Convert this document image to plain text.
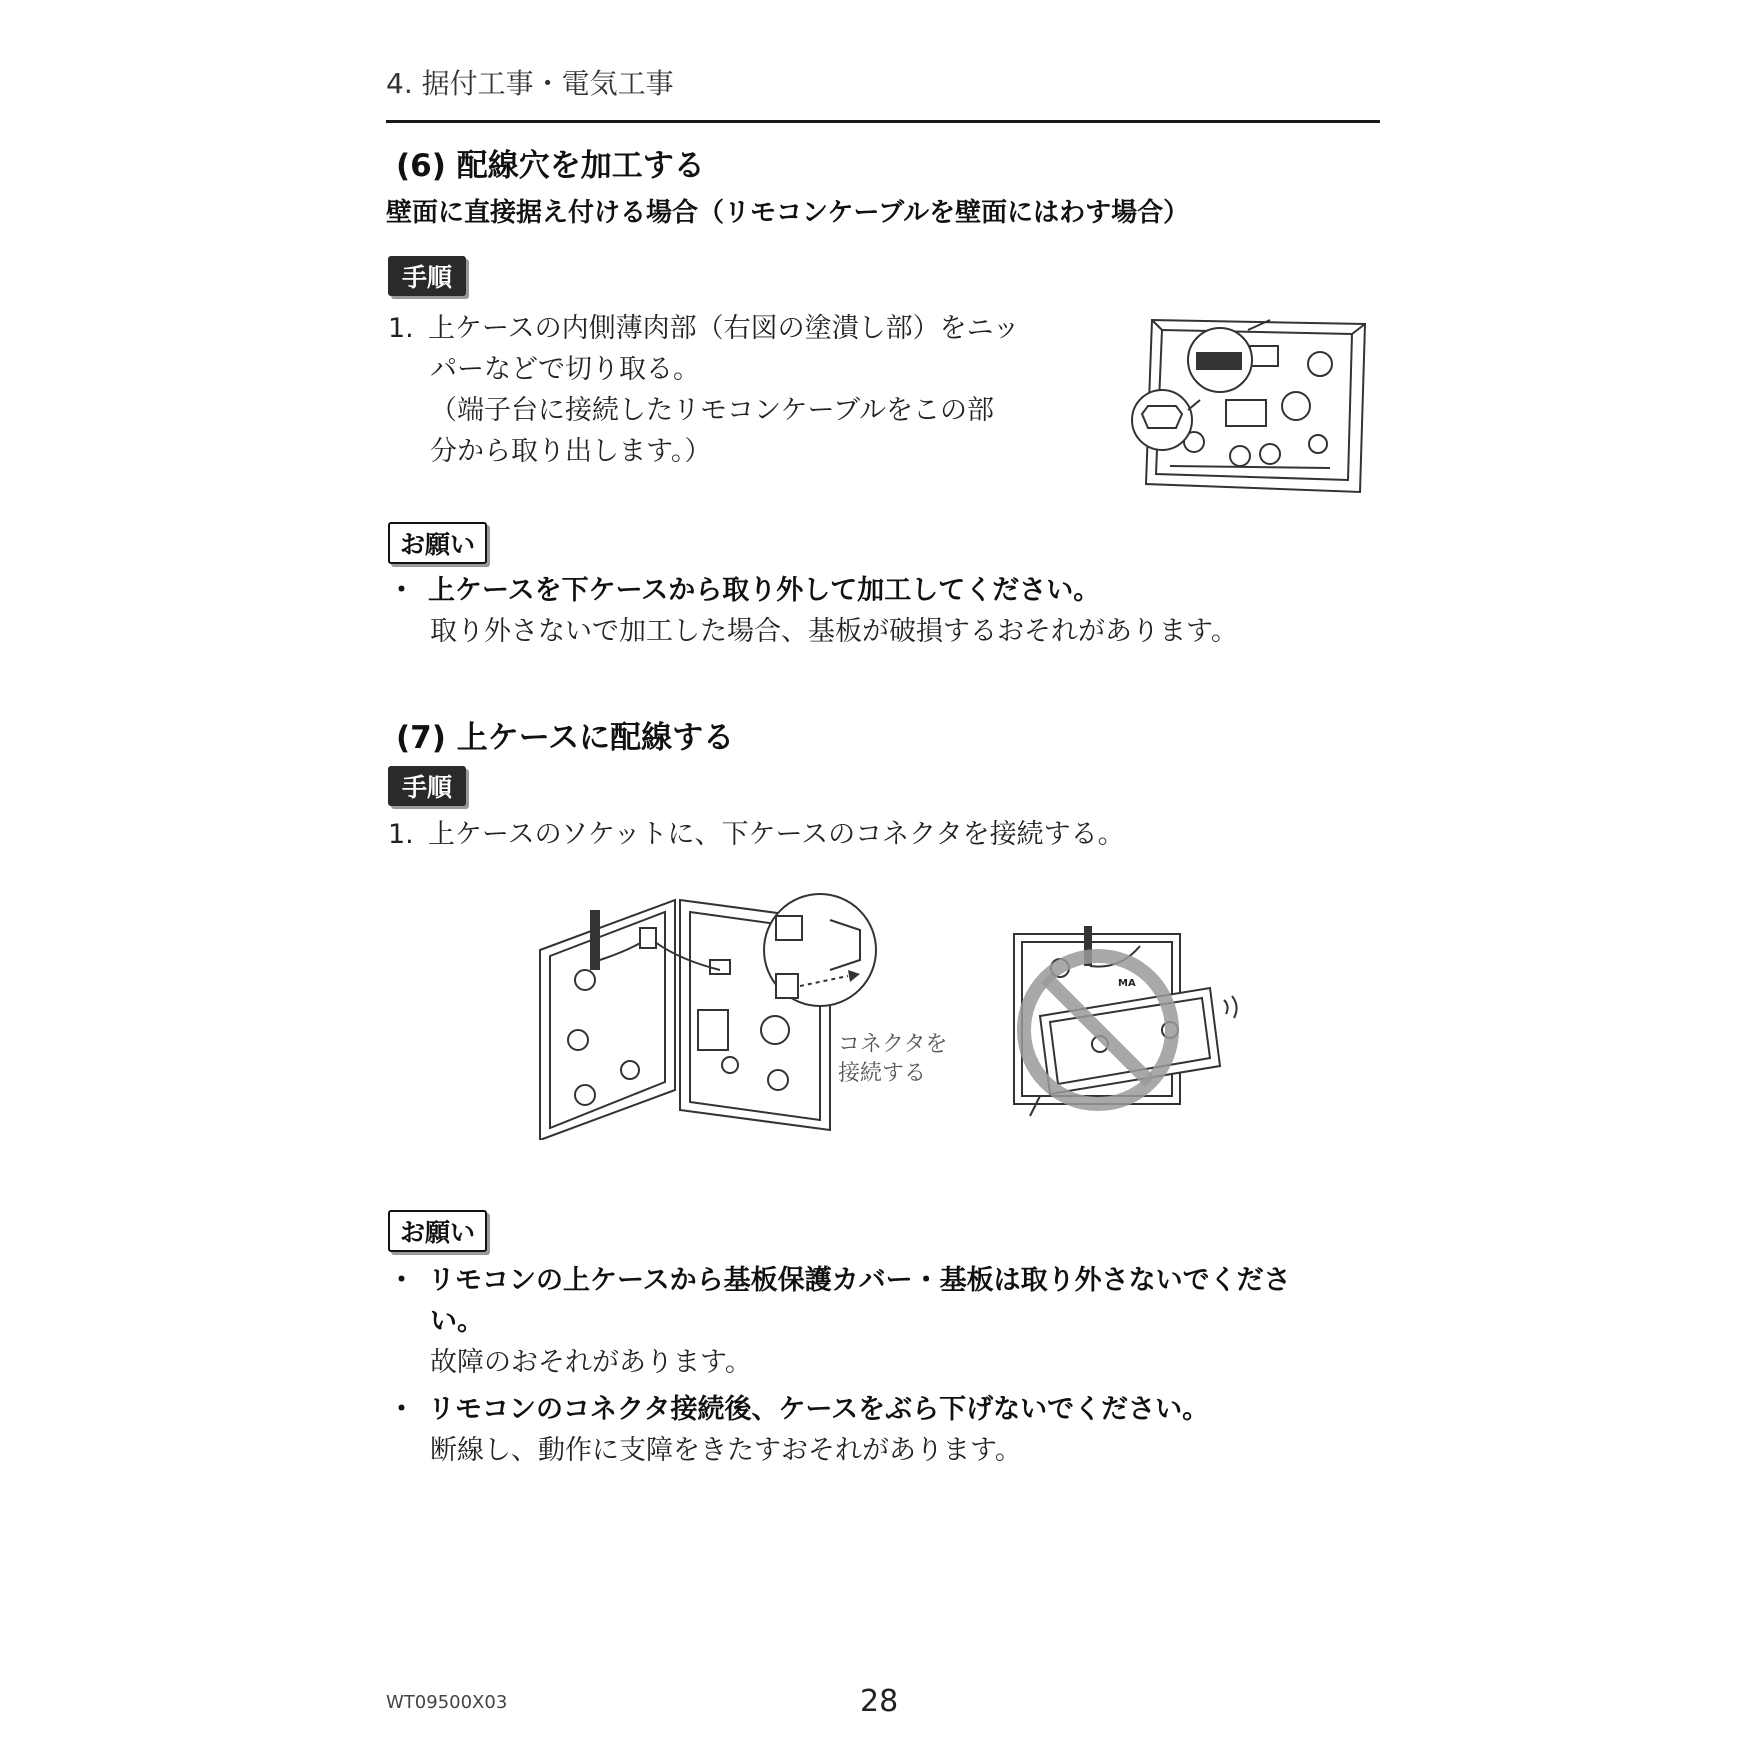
4. 据付工事・電気工事
(6) 配線穴を加工する
壁面に直接据え付ける場合（リモコンケーブルを壁面にはわす場合）
手順
1. 上ケースの内側薄肉部（右図の塗潰し部）をニッ
パーなどで切り取る。
（端子台に接続したリモコンケーブルをこの部
分から取り出します。）
お願い
・ 上ケースを下ケースから取り外して加工してください。
取り外さないで加工した場合、基板が破損するおそれがあります。
(7) 上ケースに配線する
手順
1. 上ケースのソケットに、下ケースのコネクタを接続する。
コネクタを
接続する
MA
お願い
・ リモコンの上ケースから基板保護カバー・基板は取り外さないでくださ
い。
故障のおそれがあります。
・ リモコンのコネクタ接続後、ケースをぶら下げないでください。
断線し、動作に支障をきたすおそれがあります。
WT09500X03	28
